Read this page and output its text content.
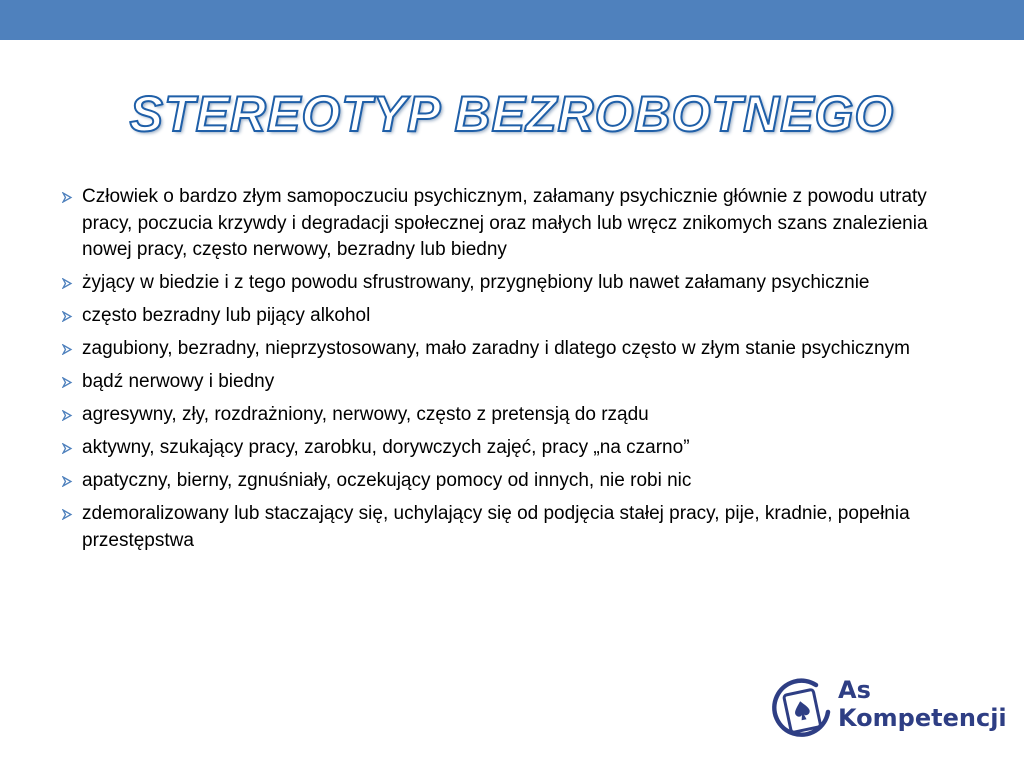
STEREOTYP BEZROBOTNEGO
Człowiek o bardzo złym samopoczuciu psychicznym, załamany psychicznie głównie z powodu utraty pracy, poczucia krzywdy i degradacji społecznej oraz małych lub wręcz znikomych szans znalezienia nowej pracy, często nerwowy, bezradny lub biedny
żyjący w biedzie i z tego powodu sfrustrowany, przygnębiony lub nawet załamany psychicznie
często bezradny lub pijący alkohol
zagubiony, bezradny, nieprzystosowany, mało zaradny i dlatego często w złym stanie psychicznym
bądź nerwowy i biedny
agresywny, zły, rozdrażniony, nerwowy, często z pretensją do rządu
aktywny, szukający pracy, zarobku, dorywczych zajęć, pracy „na czarno”
apatyczny, bierny, zgnuśniały, oczekujący pomocy od innych, nie robi nic
zdemoralizowany lub staczający się, uchylający się od podjęcia stałej pracy, pije, kradnie, popełnia przestępstwa
As
Kompetencji
